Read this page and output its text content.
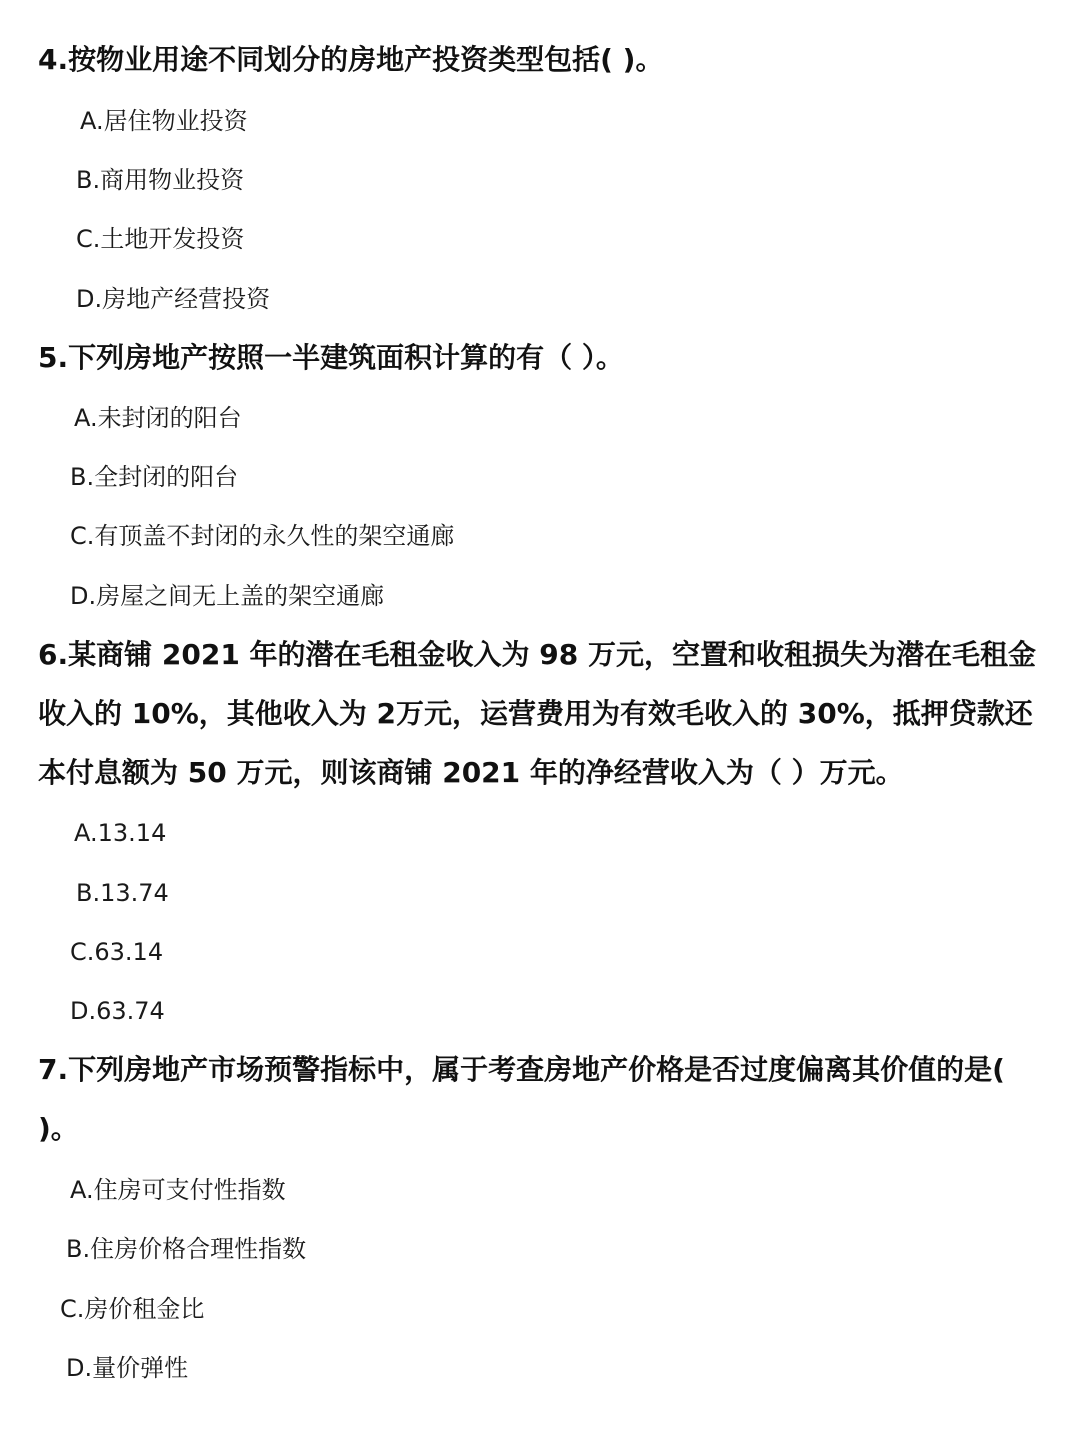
4.按物业用途不同划分的房地产投资类型包括( )。
A.居住物业投资
B.商用物业投资
C.土地开发投资
D.房地产经营投资
5.下列房地产按照一半建筑面积计算的有（ ）。
A.未封闭的阳台
B.全封闭的阳台
C.有顶盖不封闭的永久性的架空通廊
D.房屋之间无上盖的架空通廊
6.某商铺 2021 年的潜在毛租金收入为 98 万元，空置和收租损失为潜在毛租金收入的 10%，其他收入为 2万元，运营费用为有效毛收入的 30%，抵押贷款还本付息额为 50 万元，则该商铺 2021 年的净经营收入为（ ）万元。
A.13.14
B.13.74
C.63.14
D.63.74
7.下列房地产市场预警指标中，属于考查房地产价格是否过度偏离其价值的是( )。
A.住房可支付性指数
B.住房价格合理性指数
C.房价租金比
D.量价弹性
